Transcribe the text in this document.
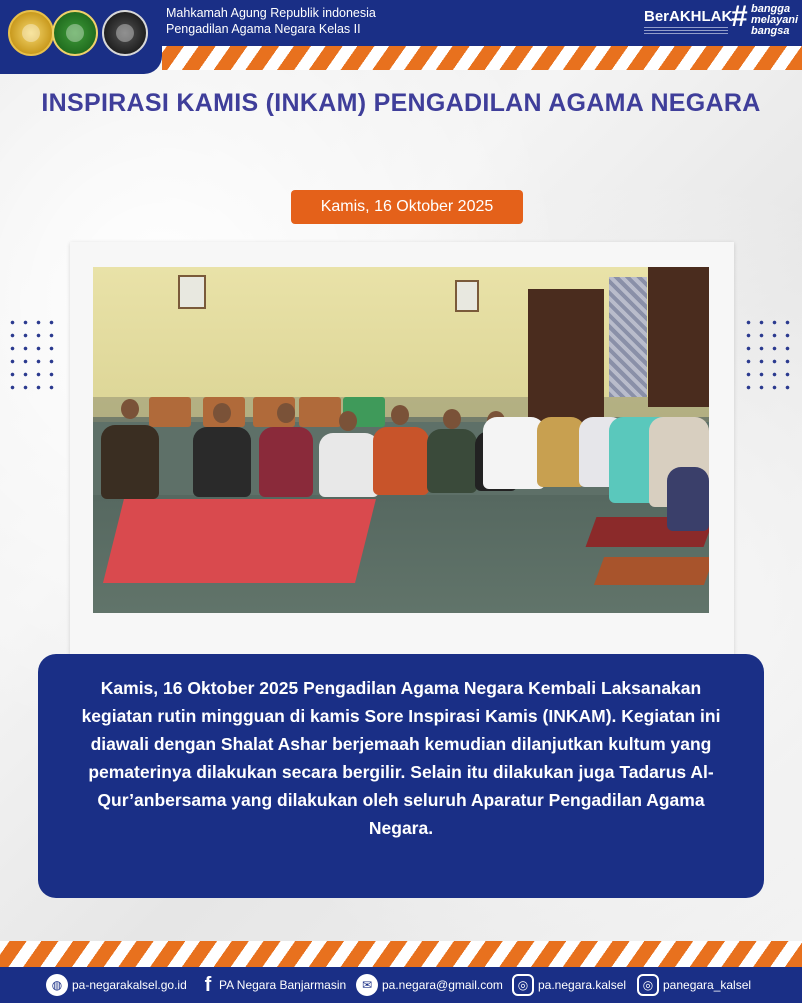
Mahkamah Agung Republik indonesia
Pengadilan Agama Negara Kelas II
BerAKHLAK
# bangga melayani bangsa
INSPIRASI KAMIS (INKAM) PENGADILAN AGAMA NEGARA
Kamis, 16 Oktober 2025
Kamis, 16 Oktober 2025 Pengadilan Agama Negara Kembali Laksanakan kegiatan rutin mingguan di kamis Sore Inspirasi Kamis (INKAM). Kegiatan ini diawali dengan Shalat Ashar berjemaah kemudian dilanjutkan kultum yang pematerinya dilakukan secara bergilir. Selain itu dilakukan juga Tadarus Al-Qur’anbersama yang dilakukan oleh seluruh Aparatur Pengadilan Agama Negara.
◍ pa-negarakalsel.go.id f PA Negara Banjarmasin	✉ pa.negara@gmail.com	◎ pa.negara.kalsel	◎ panegara_kalsel
